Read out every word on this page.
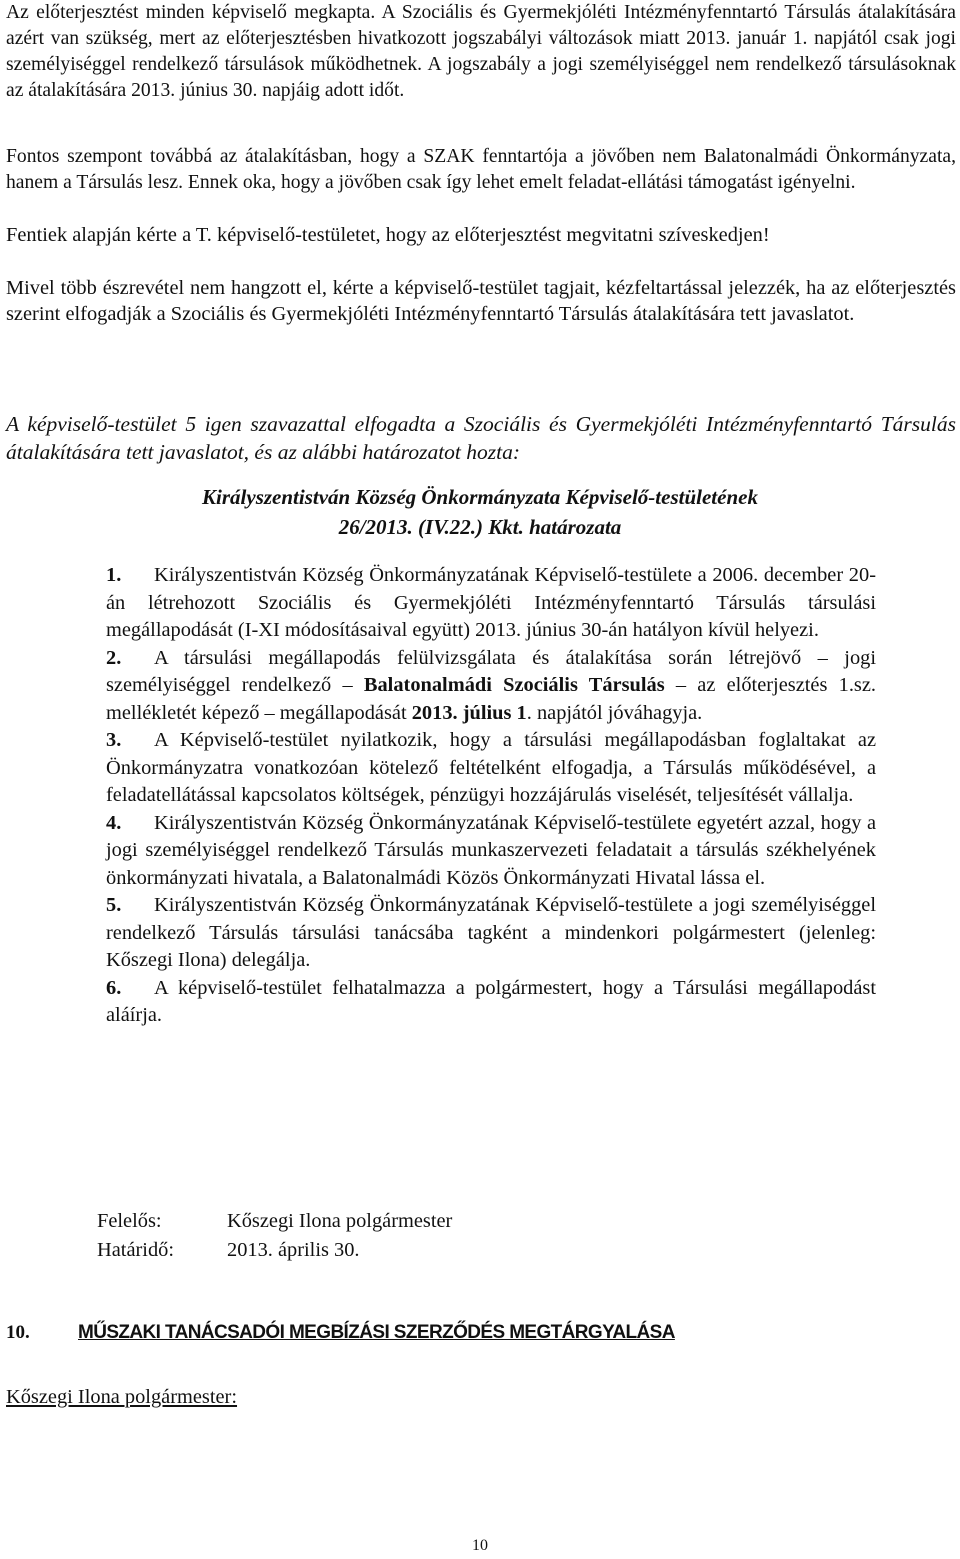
Az előterjesztést minden képviselő megkapta. A Szociális és Gyermekjóléti Intézményfenntartó Társulás átalakítására azért van szükség, mert az előterjesztésben hivatkozott jogszabályi változások miatt 2013. január 1. napjától csak jogi személyiséggel rendelkező társulások működhetnek. A jogszabály a jogi személyiséggel nem rendelkező társulásoknak az átalakítására 2013. június 30. napjáig adott időt.

Fontos szempont továbbá az átalakításban, hogy a SZAK fenntartója a jövőben nem Balatonalmádi Önkormányzata, hanem a Társulás lesz. Ennek oka, hogy a jövőben csak így lehet emelt feladat-ellátási támogatást igényelni.

Fentiek alapján kérte a T. képviselő-testületet, hogy az előterjesztést megvitatni szíveskedjen!

Mivel több észrevétel nem hangzott el, kérte a képviselő-testület tagjait, kézfeltartással jelezzék, ha az előterjesztés szerint elfogadják a Szociális és Gyermekjóléti Intézményfenntartó Társulás átalakítására tett javaslatot.

A képviselő-testület 5 igen szavazattal elfogadta a Szociális és Gyermekjóléti Intézményfenntartó Társulás átalakítására tett javaslatot, és az alábbi határozatot hozta:

Királyszentistván Község Önkormányzata Képviselő-testületének

26/2013. (IV.22.) Kkt. határozata

1. Királyszentistván Község Önkormányzatának Képviselő-testülete a 2006. december 20-án létrehozott Szociális és Gyermekjóléti Intézményfenntartó Társulás társulási megállapodását (I-XI módosításaival együtt) 2013. június 30-án hatályon kívül helyezi.

2. A társulási megállapodás felülvizsgálata és átalakítása során létrejövő – jogi személyiséggel rendelkező – Balatonalmádi Szociális Társulás – az előterjesztés 1.sz. mellékletét képező – megállapodását 2013. július 1. napjától jóváhagyja.

3. A Képviselő-testület nyilatkozik, hogy a társulási megállapodásban foglaltakat az Önkormányzatra vonatkozóan kötelező feltételként elfogadja, a Társulás működésével, a feladatellátással kapcsolatos költségek, pénzügyi hozzájárulás viselését, teljesítését vállalja.

4. Királyszentistván Község Önkormányzatának Képviselő-testülete egyetért azzal, hogy a jogi személyiséggel rendelkező Társulás munkaszervezeti feladatait a társulás székhelyének önkormányzati hivatala, a Balatonalmádi Közös Önkormányzati Hivatal lássa el.

5. Királyszentistván Község Önkormányzatának Képviselő-testülete a jogi személyiséggel rendelkező Társulás társulási tanácsába tagként a mindenkori polgármestert (jelenleg: Kőszegi Ilona) delegálja.

6. A képviselő-testület felhatalmazza a polgármestert, hogy a Társulási megállapodást aláírja.

Felelős:	Kőszegi Ilona polgármester
Határidő:	2013. április 30.

10.	MŰSZAKI TANÁCSADÓI MEGBÍZÁSI SZERZŐDÉS MEGTÁRGYALÁSA

Kőszegi Ilona polgármester:

10
